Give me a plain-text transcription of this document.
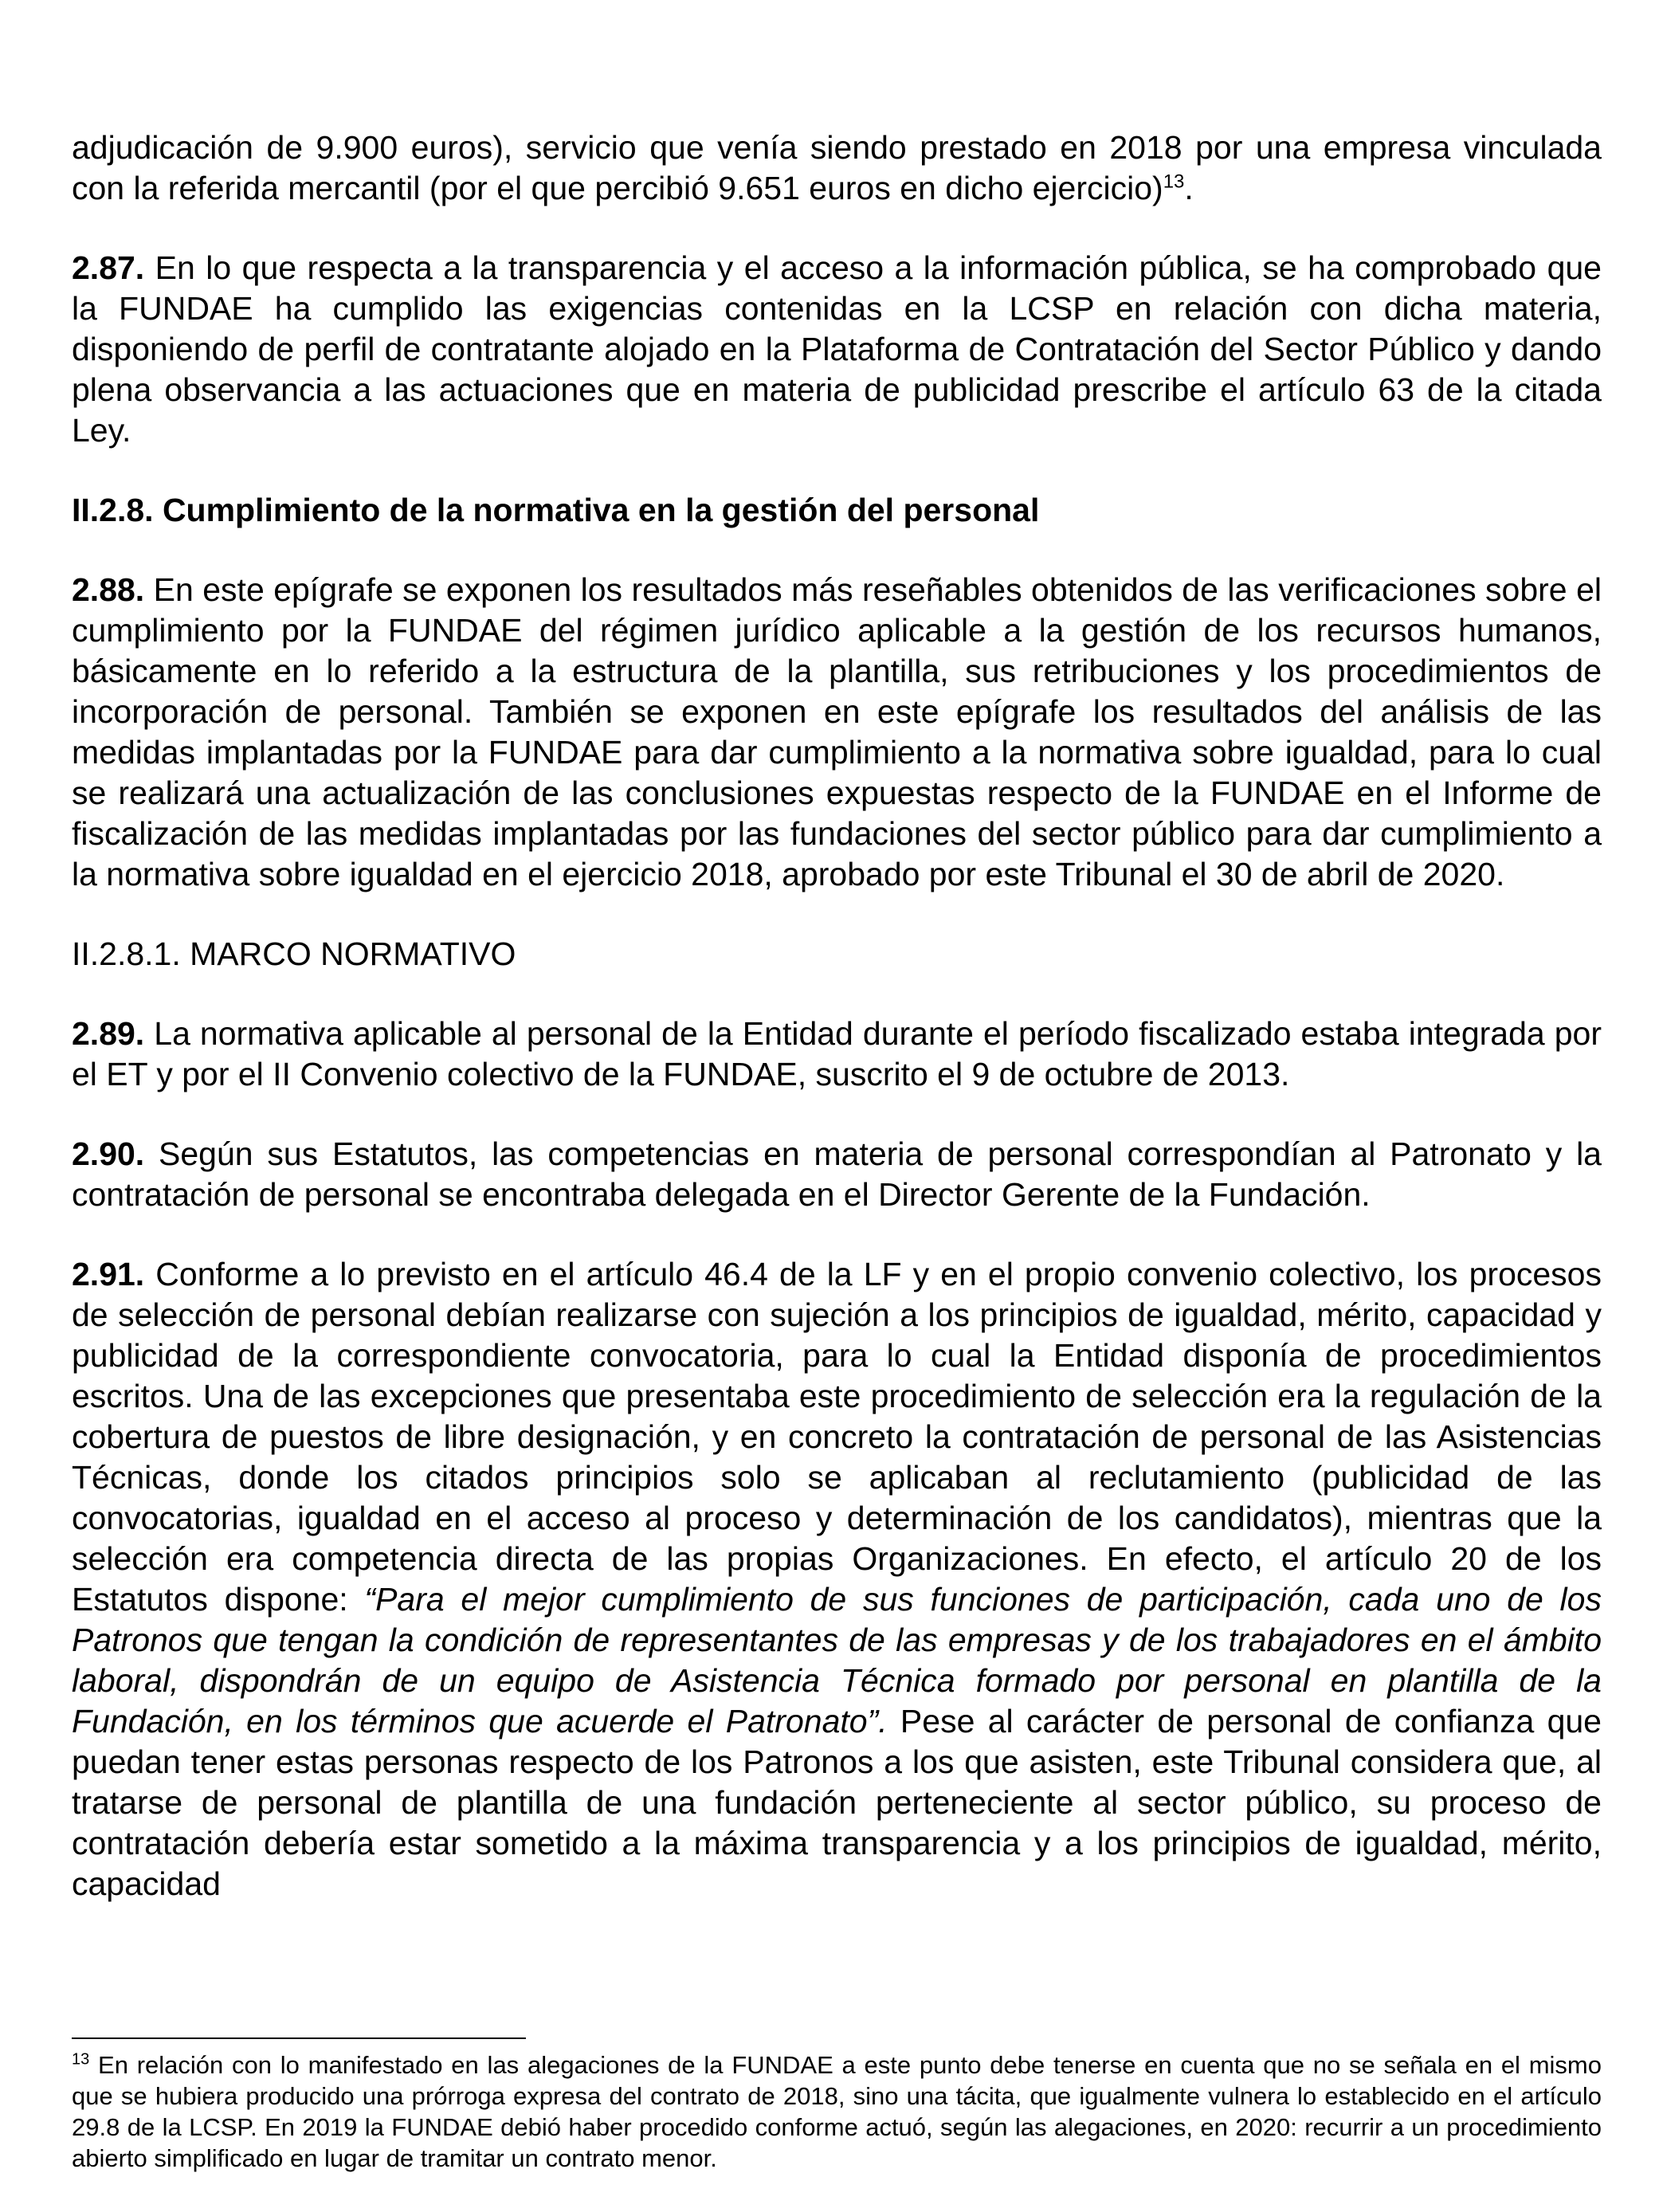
adjudicación de 9.900 euros), servicio que venía siendo prestado en 2018 por una empresa vinculada con la referida mercantil (por el que percibió 9.651 euros en dicho ejercicio)$^{13}$.

2.87. En lo que respecta a la transparencia y el acceso a la información pública, se ha comprobado que la FUNDAE ha cumplido las exigencias contenidas en la LCSP en relación con dicha materia, disponiendo de perfil de contratante alojado en la Plataforma de Contratación del Sector Público y dando plena observancia a las actuaciones que en materia de publicidad prescribe el artículo 63 de la citada Ley.

II.2.8. Cumplimiento de la normativa en la gestión del personal

2.88. En este epígrafe se exponen los resultados más reseñables obtenidos de las verificaciones sobre el cumplimiento por la FUNDAE del régimen jurídico aplicable a la gestión de los recursos humanos, básicamente en lo referido a la estructura de la plantilla, sus retribuciones y los procedimientos de incorporación de personal. También se exponen en este epígrafe los resultados del análisis de las medidas implantadas por la FUNDAE para dar cumplimiento a la normativa sobre igualdad, para lo cual se realizará una actualización de las conclusiones expuestas respecto de la FUNDAE en el Informe de fiscalización de las medidas implantadas por las fundaciones del sector público para dar cumplimiento a la normativa sobre igualdad en el ejercicio 2018, aprobado por este Tribunal el 30 de abril de 2020.

II.2.8.1. MARCO NORMATIVO

2.89. La normativa aplicable al personal de la Entidad durante el período fiscalizado estaba integrada por el ET y por el II Convenio colectivo de la FUNDAE, suscrito el 9 de octubre de 2013.

2.90. Según sus Estatutos, las competencias en materia de personal correspondían al Patronato y la contratación de personal se encontraba delegada en el Director Gerente de la Fundación.

2.91. Conforme a lo previsto en el artículo 46.4 de la LF y en el propio convenio colectivo, los procesos de selección de personal debían realizarse con sujeción a los principios de igualdad, mérito, capacidad y publicidad de la correspondiente convocatoria, para lo cual la Entidad disponía de procedimientos escritos. Una de las excepciones que presentaba este procedimiento de selección era la regulación de la cobertura de puestos de libre designación, y en concreto la contratación de personal de las Asistencias Técnicas, donde los citados principios solo se aplicaban al reclutamiento (publicidad de las convocatorias, igualdad en el acceso al proceso y determinación de los candidatos), mientras que la selección era competencia directa de las propias Organizaciones. En efecto, el artículo 20 de los Estatutos dispone: “Para el mejor cumplimiento de sus funciones de participación, cada uno de los Patronos que tengan la condición de representantes de las empresas y de los trabajadores en el ámbito laboral, dispondrán de un equipo de Asistencia Técnica formado por personal en plantilla de la Fundación, en los términos que acuerde el Patronato”. Pese al carácter de personal de confianza que puedan tener estas personas respecto de los Patronos a los que asisten, este Tribunal considera que, al tratarse de personal de plantilla de una fundación perteneciente al sector público, su proceso de contratación debería estar sometido a la máxima transparencia y a los principios de igualdad, mérito, capacidad

$^{13}$ En relación con lo manifestado en las alegaciones de la FUNDAE a este punto debe tenerse en cuenta que no se señala en el mismo que se hubiera producido una prórroga expresa del contrato de 2018, sino una tácita, que igualmente vulnera lo establecido en el artículo 29.8 de la LCSP. En 2019 la FUNDAE debió haber procedido conforme actuó, según las alegaciones, en 2020: recurrir a un procedimiento abierto simplificado en lugar de tramitar un contrato menor.
